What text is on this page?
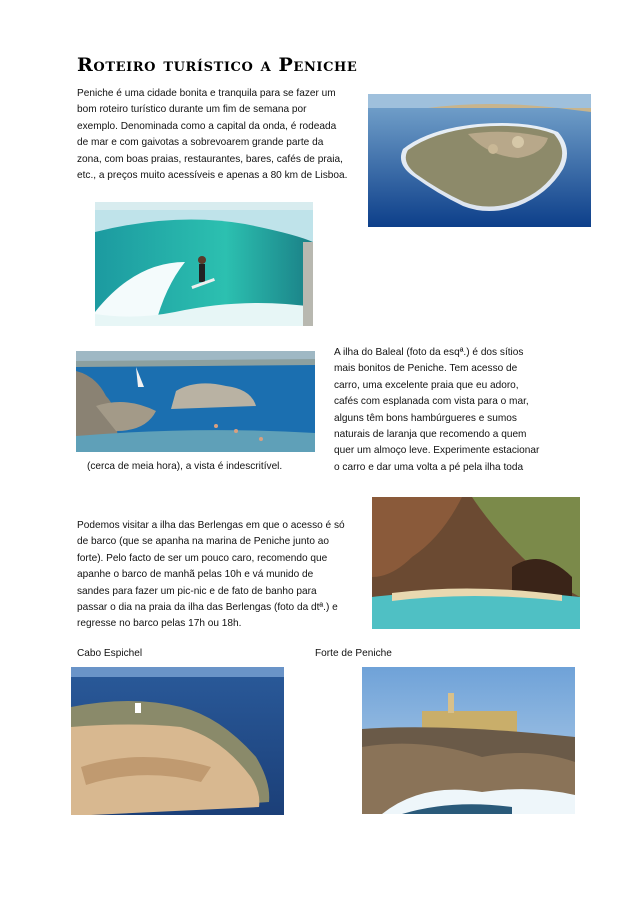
Roteiro turístico a Peniche
Peniche é uma cidade bonita e tranquila para se fazer um
bom roteiro turístico durante um fim de semana por
exemplo. Denominada como a capital da onda, é rodeada
de mar e com gaivotas a sobrevoarem grande parte da
zona, com boas praias, restaurantes, bares, cafés de praia,
etc., a preços muito acessíveis e apenas a 80 km de Lisboa.
A ilha do Baleal (foto da esqª.) é dos sítios
mais bonitos de Peniche. Tem acesso de
carro, uma excelente praia que eu adoro,
cafés com esplanada com vista para o mar,
alguns têm bons hambúrgueres e sumos
naturais de laranja que recomendo a quem
quer um almoço leve. Experimente estacionar
o carro e dar uma volta a pé pela ilha toda
(cerca de meia hora), a vista é indescritível.
Podemos visitar a ilha das Berlengas em que o acesso é só
de barco (que se apanha na marina de Peniche junto ao
forte). Pelo facto de ser um pouco caro, recomendo que
apanhe o barco de manhã pelas 10h e vá munido de
sandes para fazer um pic-nic e de fato de banho para
passar o dia na praia da ilha das Berlengas (foto da dtª.) e
regresse no barco pelas 17h ou 18h.
Cabo Espichel	Forte de Peniche
